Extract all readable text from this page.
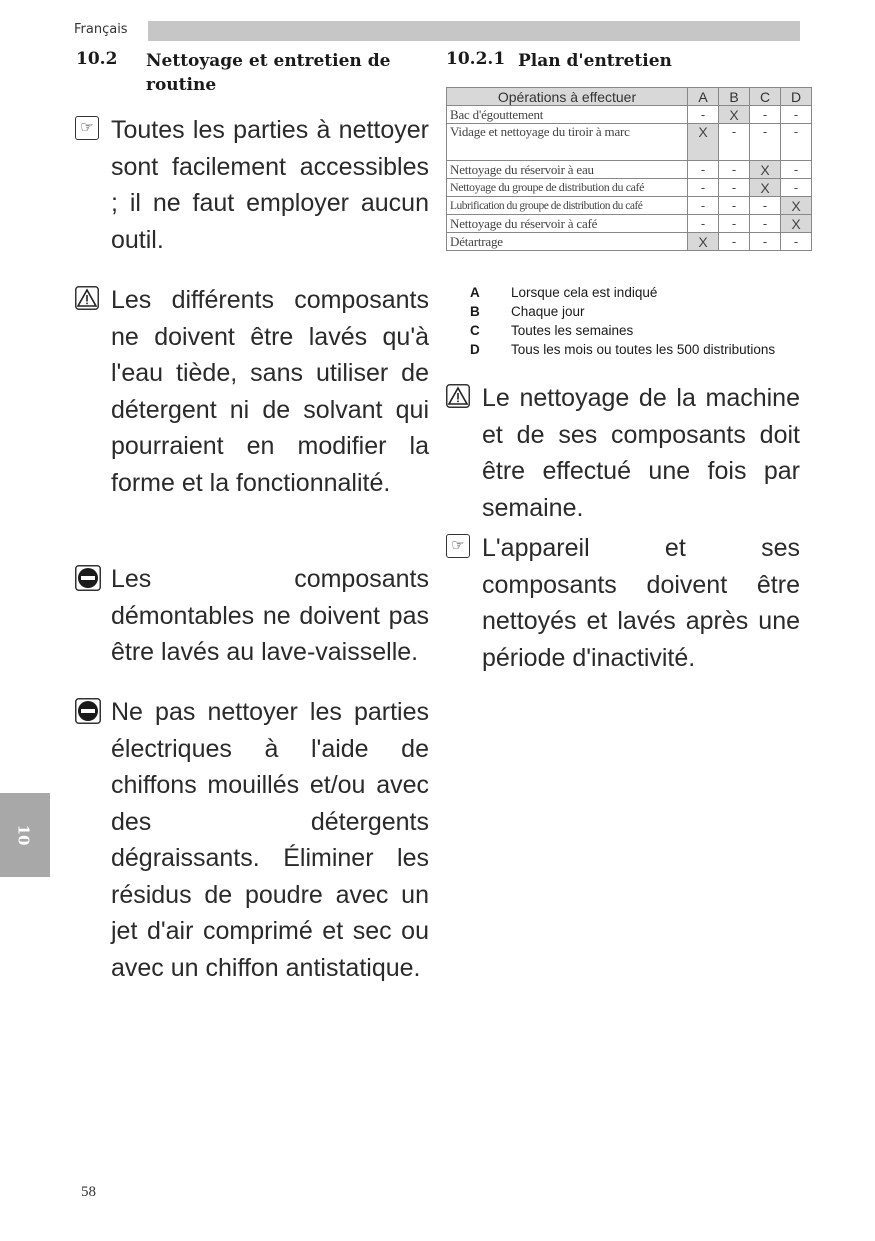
Français
10.2 Nettoyage et entretien de routine
☞ Toutes les parties à nettoyer sont facilement accessibles ; il ne faut employer aucun outil.
Les différents composants ne doivent être lavés qu'à l'eau tiède, sans utiliser de détergent ni de solvant qui pourraient en modifier la forme et la fonctionnalité.
Les composants démontables ne doivent pas être lavés au lave-vaisselle.
Ne pas nettoyer les parties électriques à l'aide de chiffons mouillés et/ou avec des détergents dégraissants. Éliminer les résidus de poudre avec un jet d'air comprimé et sec ou avec un chiffon antistatique.
10.2.1 Plan d'entretien
Opérations à effectuer	A	B	C	D
Bac d'égouttement	-	X	-	-
Vidage et nettoyage du tiroir à marc	X	-	-	-
Nettoyage du réservoir à eau	-	-	X	-
Nettoyage du groupe de distribution du café	-	-	X	-
Lubrification du groupe de distribution du café	-	-	-	X
Nettoyage du réservoir à café	-	-	-	X
Détartrage	X	-	-	-
A	Lorsque cela est indiqué
B	Chaque jour
C	Toutes les semaines
D	Tous les mois ou toutes les 500 distributions
Le nettoyage de la machine et de ses composants doit être effectué une fois par semaine.
☞ L'appareil et ses composants doivent être nettoyés et lavés après une période d'inactivité.
10
58
